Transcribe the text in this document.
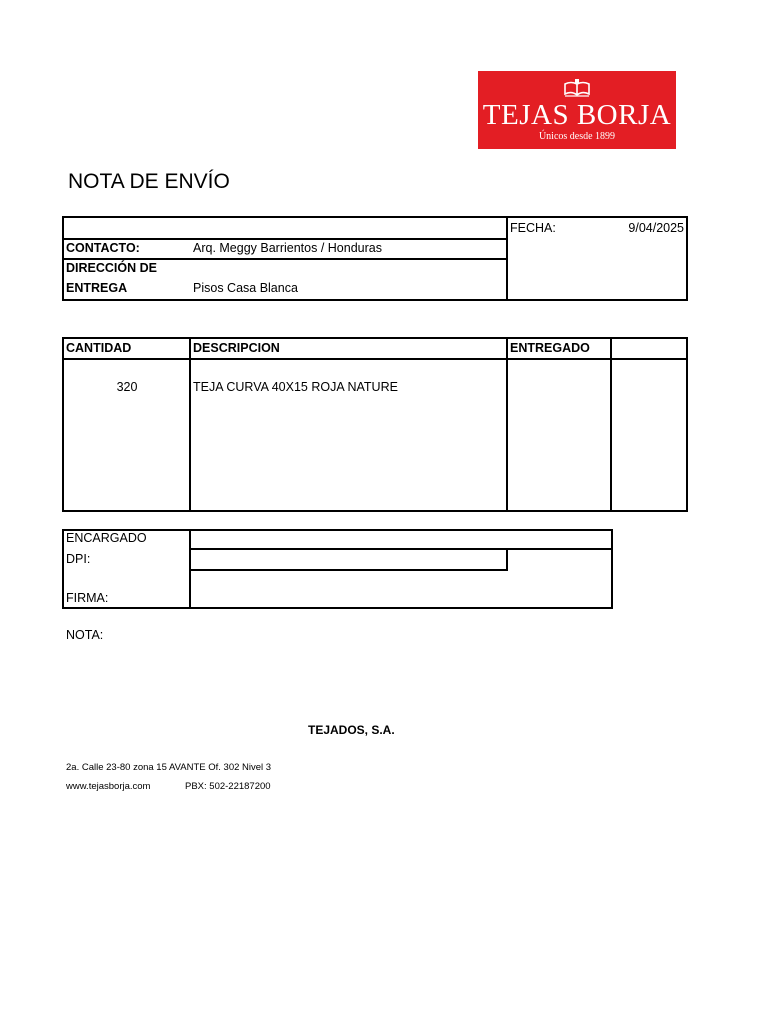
TEJAS BORJA
Únicos desde 1899
NOTA DE ENVÍO
FECHA:	9/04/2025
CONTACTO:	Arq. Meggy Barrientos / Honduras
DIRECCIÓN DE
ENTREGA	Pisos Casa Blanca
CANTIDAD	DESCRIPCION	ENTREGADO
320	TEJA CURVA 40X15 ROJA NATURE
ENCARGADO
DPI:
FIRMA:
NOTA:
TEJADOS, S.A.
2a. Calle 23-80 zona 15 AVANTE Of. 302 Nivel 3
www.tejasborja.com	PBX: 502-22187200
